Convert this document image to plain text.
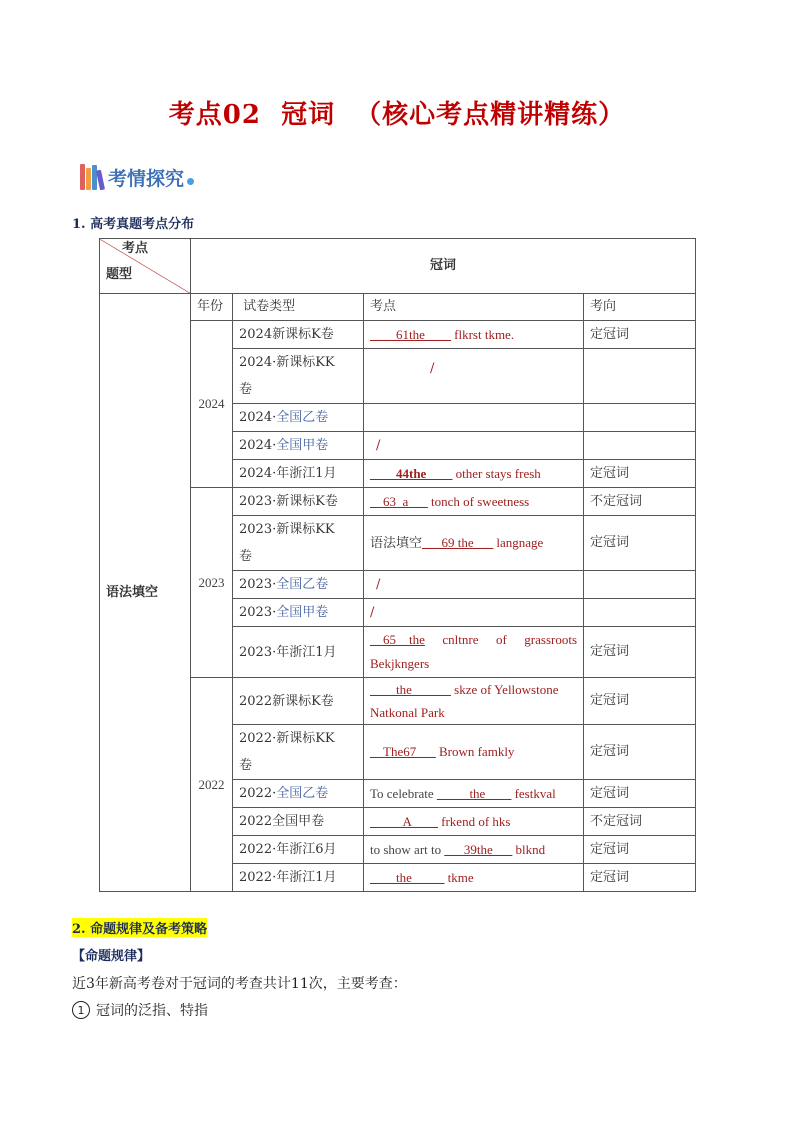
考点02  冠词  （核心考点精讲精练）
考情探究
1. 高考真题考点分布
考点
题型	冠词			
语法填空	年份	试卷类型	考点	考向
	2024	2024新课标K卷	____61the____ flkrst tkme.	定冠词
		2024·新课标KK
卷	/	
		2024·全国乙卷		
		2024·全国甲卷	/	
		2024·年浙江1月	____44the____ other stays fresh	定冠词
	2023	2023·新课标K卷	__63_a___ tonch of sweetness	不定冠词
		2023·新课标KK
卷	语法填空___69 the___ langnage	定冠词
		2023·全国乙卷	/	
		2023·全国甲卷	/	
		2023·年浙江1月	__65__the cnltnre of grassroots Bekjkngers	定冠词
	2022	2022新课标K卷	____the______ skze of Yellowstone Natkonal Park	定冠词
		2022·新课标KK
卷	__The67___ Brown famkly	定冠词
		2022·全国乙卷	To celebrate _____the____ festkval	定冠词
		2022全国甲卷	_____A____ frkend of hks	不定冠词
		2022·年浙江6月	to show art to ___39the___ blknd	定冠词
		2022·年浙江1月	____the_____ tkme	定冠词
2. 命题规律及备考策略
【命题规律】
近3年新高考卷对于冠词的考查共计11次，主要考查：
1 冠词的泛指、特指
